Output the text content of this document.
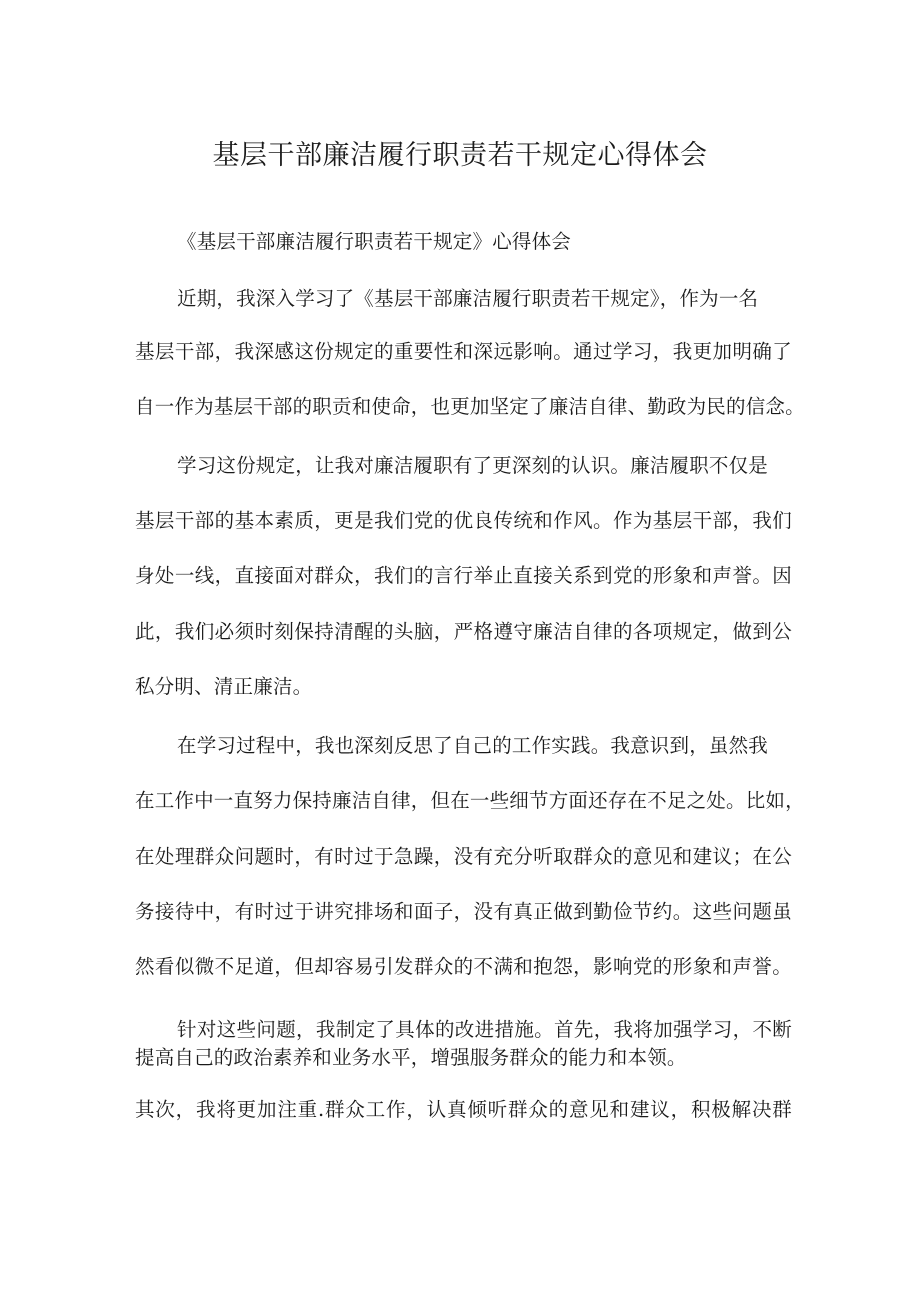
基层干部廉洁履行职责若干规定心得体会
《基层干部廉洁履行职责若干规定》心得体会
近期，我深入学习了《基层干部廉洁履行职责若干规定》，作为一名
基层干部，我深感这份规定的重要性和深远影响。通过学习，我更加明确了
自一作为基层干部的职贡和使命，也更加坚定了廉洁自律、勤政为民的信念。
学习这份规定，让我对廉洁履职有了更深刻的认识。廉洁履职不仅是
基层干部的基本素质，更是我们党的优良传统和作风。作为基层干部，我们
身处一线，直接面对群众，我们的言行举止直接关系到党的形象和声誉。因
此，我们必须时刻保持清醒的头脑，严格遵守廉洁自律的各项规定，做到公
私分明、清正廉洁。
在学习过程中，我也深刻反思了自己的工作实践。我意识到，虽然我
在工作中一直努力保持廉洁自律，但在一些细节方面还存在不足之处。比如，
在处理群众问题时，有时过于急躁，没有充分听取群众的意见和建议；在公
务接待中，有时过于讲究排场和面子，没有真正做到勤俭节约。这些问题虽
然看似微不足道，但却容易引发群众的不满和抱怨，影响党的形象和声誉。
针对这些问题，我制定了具体的改进措施。首先，我将加强学习，不断
提高自己的政治素养和业务水平，增强服务群众的能力和本领。
其次，我将更加注重.群众工作，认真倾听群众的意见和建议，积极解决群
